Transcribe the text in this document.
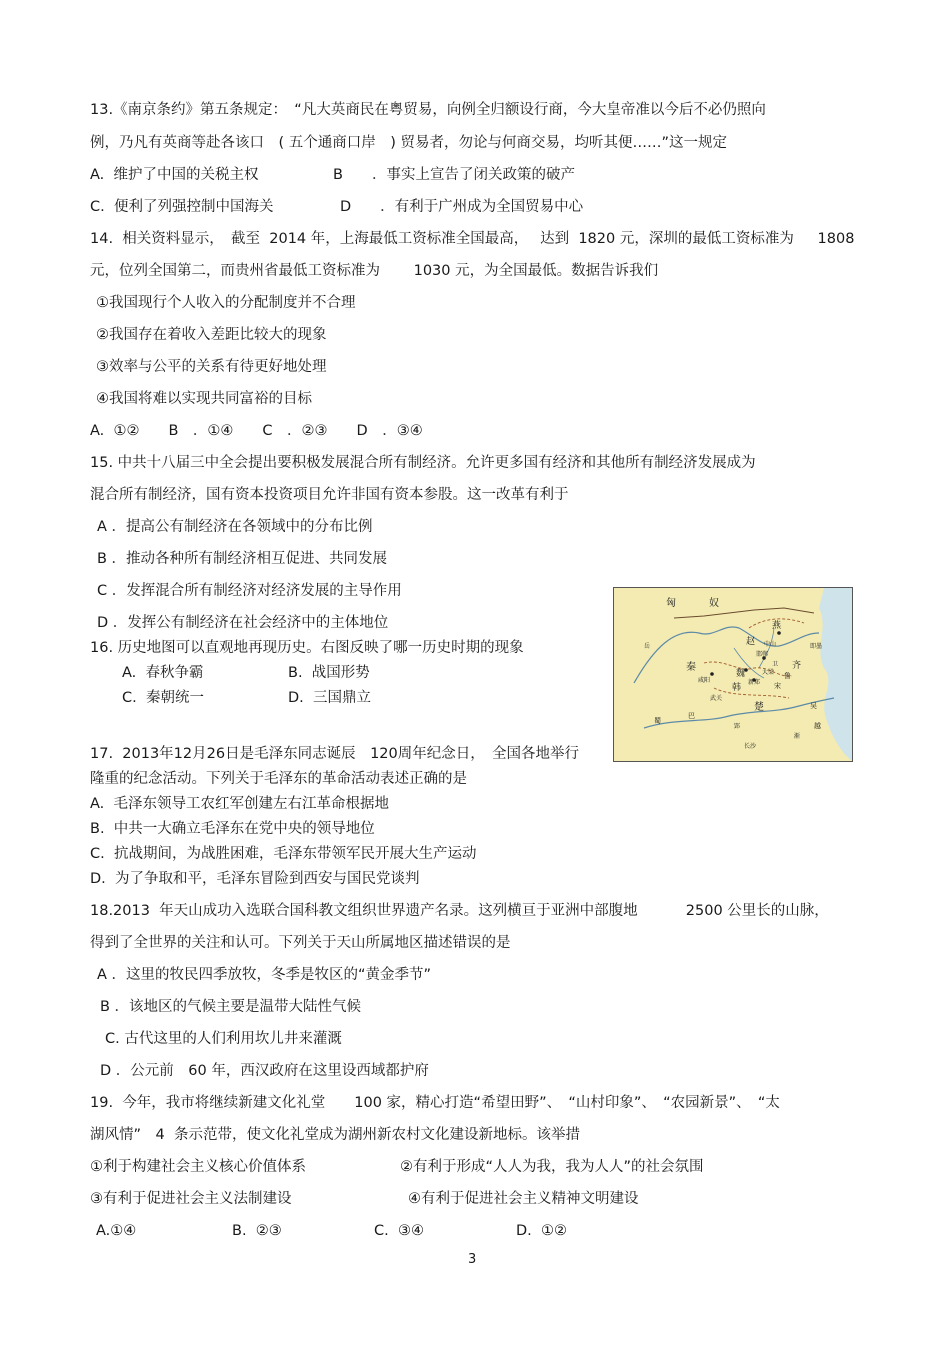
13.《南京条约》第五条规定：　“凡大英商民在粤贸易，向例全归额设行商，今大皇帝准以今后不必仍照向
例，乃凡有英商等赴各该口　( 五个通商口岸　) 贸易者，勿论与何商交易，均听其便……”这一规定
A.  维护了中国的关税主权	B　　．事实上宣告了闭关政策的破产
C.  便利了列强控制中国海关	D　　．有利于广州成为全国贸易中心
14.  相关资料显示，　截至  2014 年，上海最低工资标准全国最高，　 达到  1820 元，深圳的最低工资标准为　  1808
元，位列全国第二，而贵州省最低工资标准为　　 1030 元，为全国最低。数据告诉我们
①我国现行个人收入的分配制度并不合理
②我国存在着收入差距比较大的现象
③效率与公平的关系有待更好地处理
④我国将难以实现共同富裕的目标
A.  ①②　　B　．①④　　C　．②③　　D　．③④
15. 中共十八届三中全会提出要积极发展混合所有制经济。允许更多国有经济和其他所有制经济发展成为
混合所有制经济，国有资本投资项目允许非国有资本参股。这一改革有利于
A ．提高公有制经济在各领域中的分布比例
B ．推动各种所有制经济相互促进、共同发展
C ．发挥混合所有制经济对经济发展的主导作用
D ．发挥公有制经济在社会经济中的主体地位
16. 历史地图可以直观地再现历史。右图反映了哪一历史时期的现象
A.  春秋争霸	B.  战国形势
C.  秦朝统一	D.  三国鼎立
匈	奴
燕
赵
魏
秦
韩
齐
楚
宋
鲁
咸阳
邯郸
大梁
新郑
武关
郢
即墨
长沙
吴
越
巴
蜀
中山
卫
岳
渐
17.  2013年12月26日是毛泽东同志诞辰　120周年纪念日，　全国各地举行
隆重的纪念活动。下列关于毛泽东的革命活动表述正确的是
A.  毛泽东领导工农红军创建左右江革命根据地
B.  中共一大确立毛泽东在党中央的领导地位
C.  抗战期间，为战胜困难，毛泽东带领军民开展大生产运动
D.  为了争取和平，毛泽东冒险到西安与国民党谈判
18.2013  年天山成功入选联合国科教文组织世界遗产名录。这列横亘于亚洲中部腹地　　　 2500 公里长的山脉，
得到了全世界的关注和认可。下列关于天山所属地区描述错误的是
A ．这里的牧民四季放牧，冬季是牧区的“黄金季节”
B ．该地区的气候主要是温带大陆性气候
C. 古代这里的人们利用坎儿井来灌溉
D ．公元前　60 年，西汉政府在这里设西域都护府
19.  今年，我市将继续新建文化礼堂　　100 家，精心打造“希望田野”、　“山村印象”、　“农园新景”、　“太
湖风情”　4  条示范带，使文化礼堂成为湖州新农村文化建设新地标。该举措
①利于构建社会主义核心价值体系	②有利于形成“人人为我，我为人人”的社会氛围
③有利于促进社会主义法制建设	④有利于促进社会主义精神文明建设
A.①④	B.  ②③	C.  ③④	D.  ①②
3
